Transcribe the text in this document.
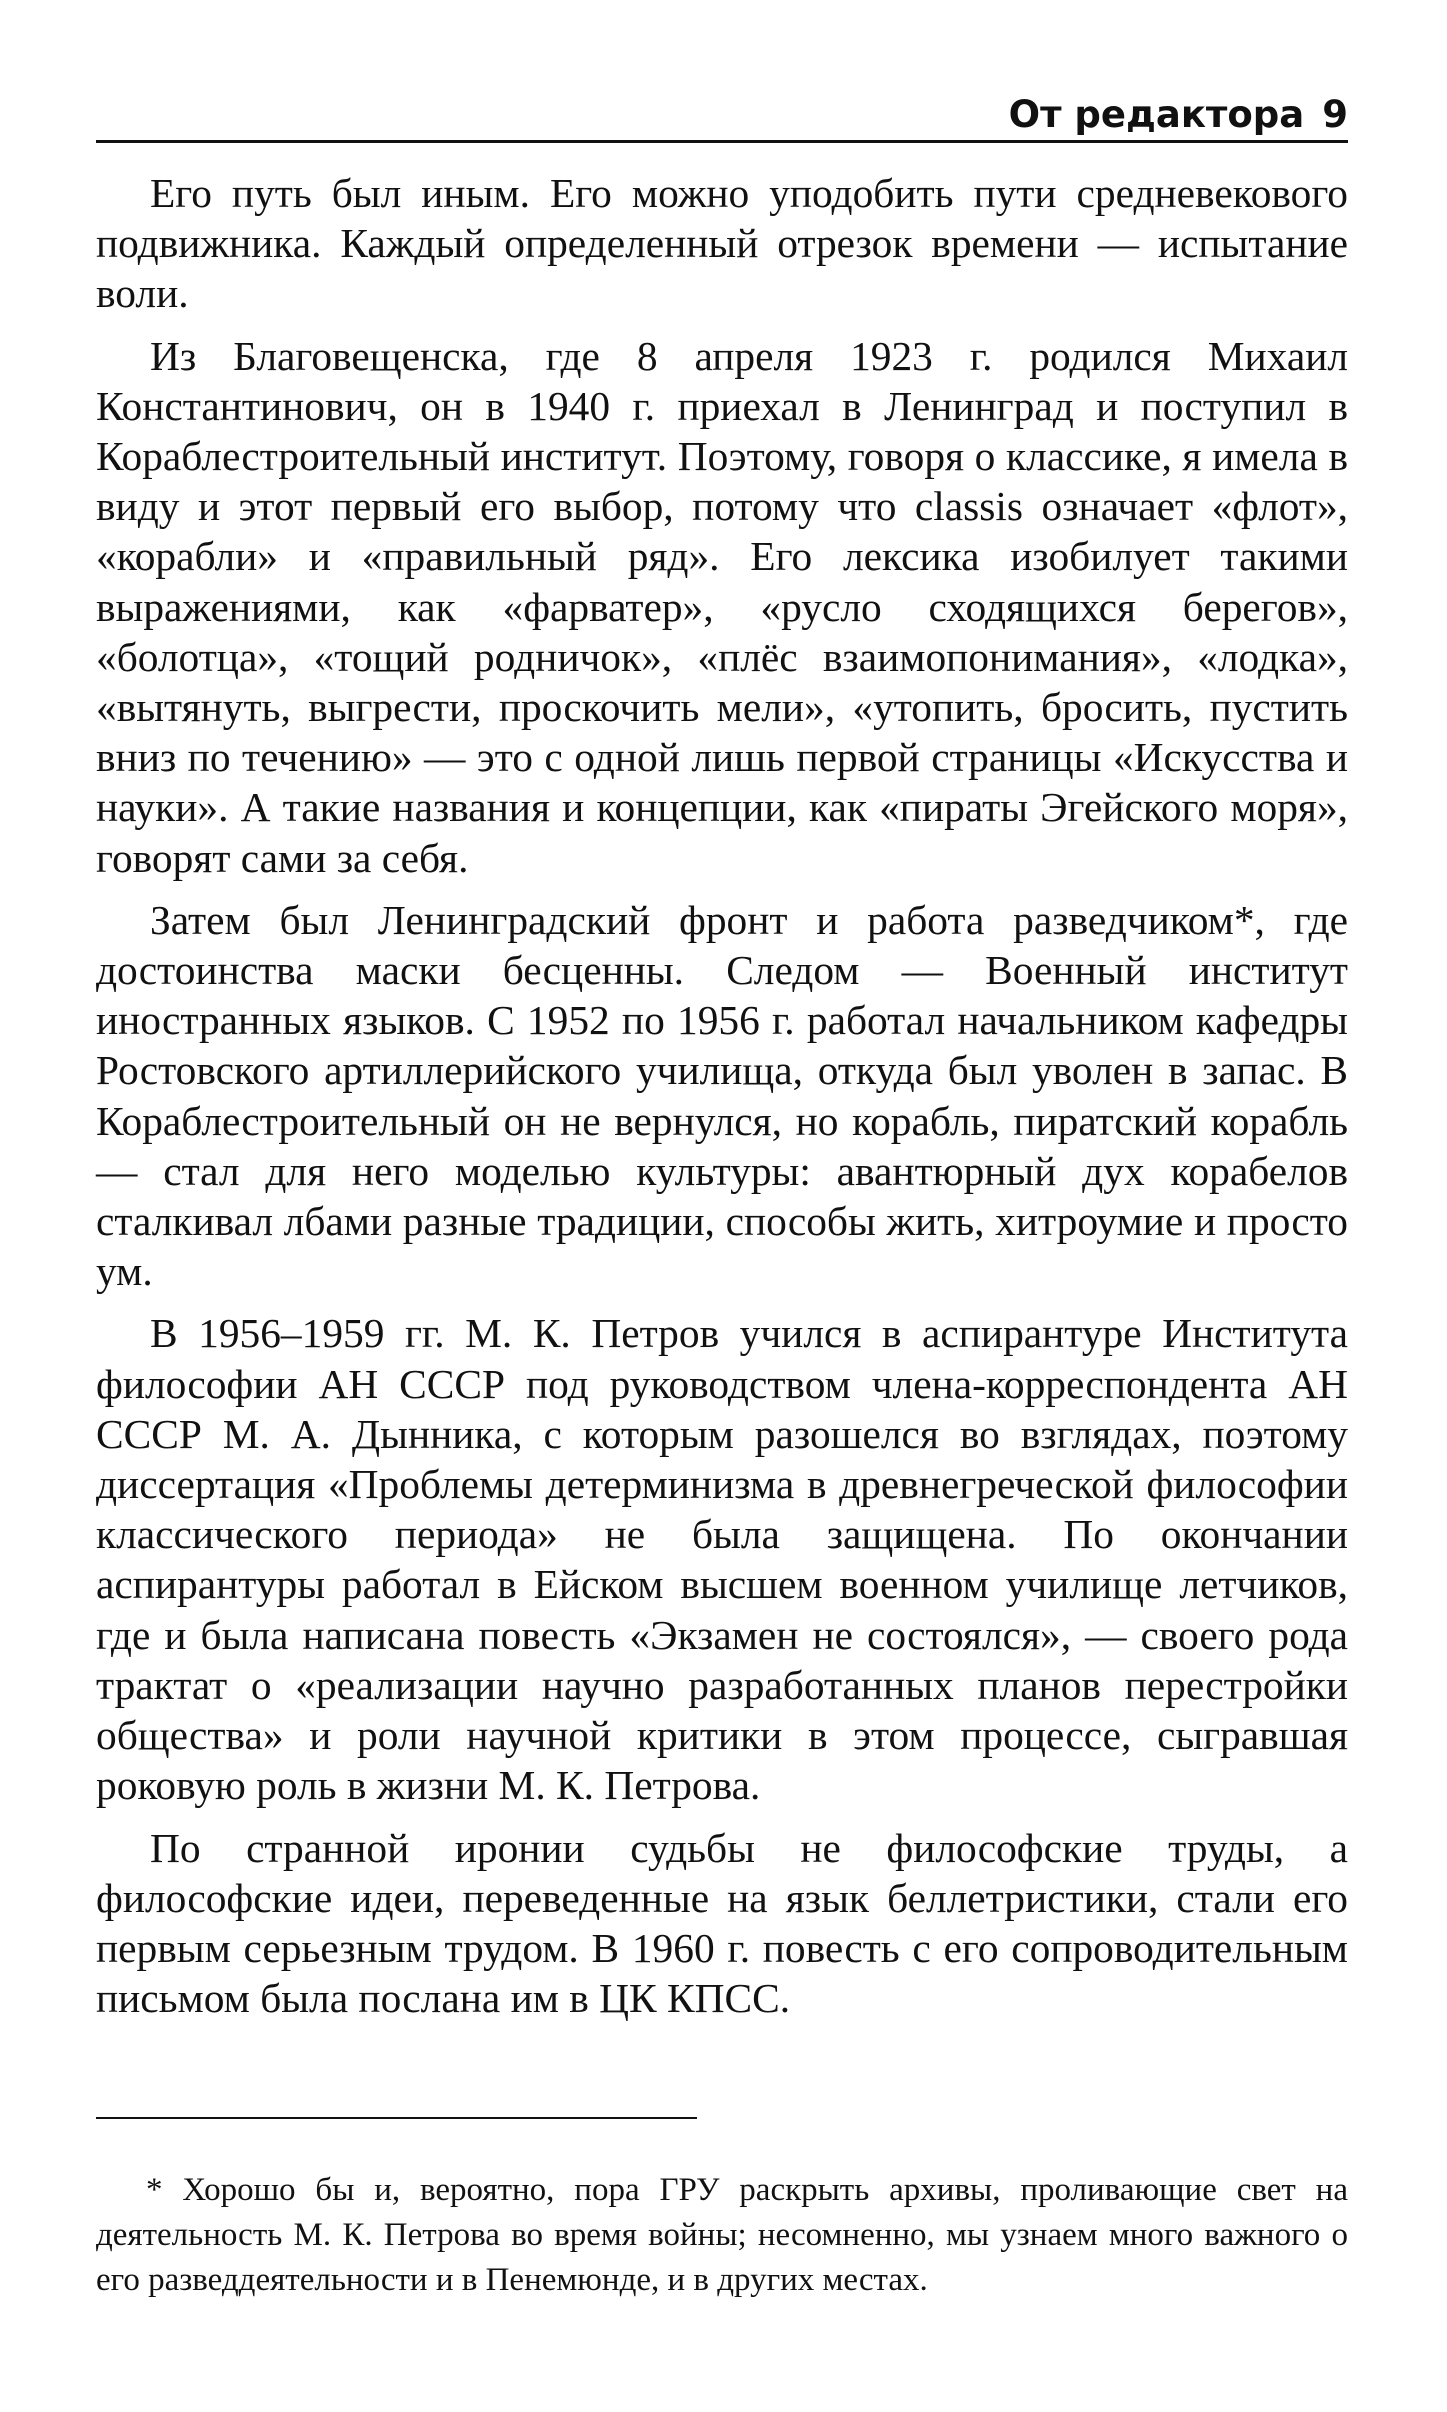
От редактора 9

Его путь был иным. Его можно уподобить пути средневекового подвижника. Каждый определенный отрезок времени — испытание воли.

Из Благовещенска, где 8 апреля 1923 г. родился Михаил Константинович, он в 1940 г. приехал в Ленинград и поступил в Кораблестроительный институт. Поэтому, говоря о классике, я имела в виду и этот первый его выбор, потому что classis означает «флот», «корабли» и «правильный ряд». Его лексика изобилует такими выражениями, как «фарватер», «русло сходящихся берегов», «болотца», «тощий родничок», «плёс взаимопонимания», «лодка», «вытянуть, выгрести, проскочить мели», «утопить, бросить, пустить вниз по течению» — это с одной лишь первой страницы «Искусства и науки». А такие названия и концепции, как «пираты Эгейского моря», говорят сами за себя.

Затем был Ленинградский фронт и работа разведчиком*, где достоинства маски бесценны. Следом — Военный институт иностранных языков. С 1952 по 1956 г. работал начальником кафедры Ростовского артиллерийского училища, откуда был уволен в запас. В Кораблестроительный он не вернулся, но корабль, пиратский корабль — стал для него моделью культуры: авантюрный дух корабелов сталкивал лбами разные традиции, способы жить, хитроумие и просто ум.

В 1956–1959 гг. М. К. Петров учился в аспирантуре Института философии АН СССР под руководством члена-корреспондента АН СССР М. А. Дынника, с которым разошелся во взглядах, поэтому диссертация «Проблемы детерминизма в древнегреческой философии классического периода» не была защищена. По окончании аспирантуры работал в Ейском высшем военном училище летчиков, где и была написана повесть «Экзамен не состоялся», — своего рода трактат о «реализации научно разработанных планов перестройки общества» и роли научной критики в этом процессе, сыгравшая роковую роль в жизни М. К. Петрова.

По странной иронии судьбы не философские труды, а философские идеи, переведенные на язык беллетристики, стали его первым серьезным трудом. В 1960 г. повесть с его сопроводительным письмом была послана им в ЦК КПСС.

* Хорошо бы и, вероятно, пора ГРУ раскрыть архивы, проливающие свет на деятельность М. К. Петрова во время войны; несомненно, мы узнаем много важного о его разведдеятельности и в Пенемюнде, и в других местах.
